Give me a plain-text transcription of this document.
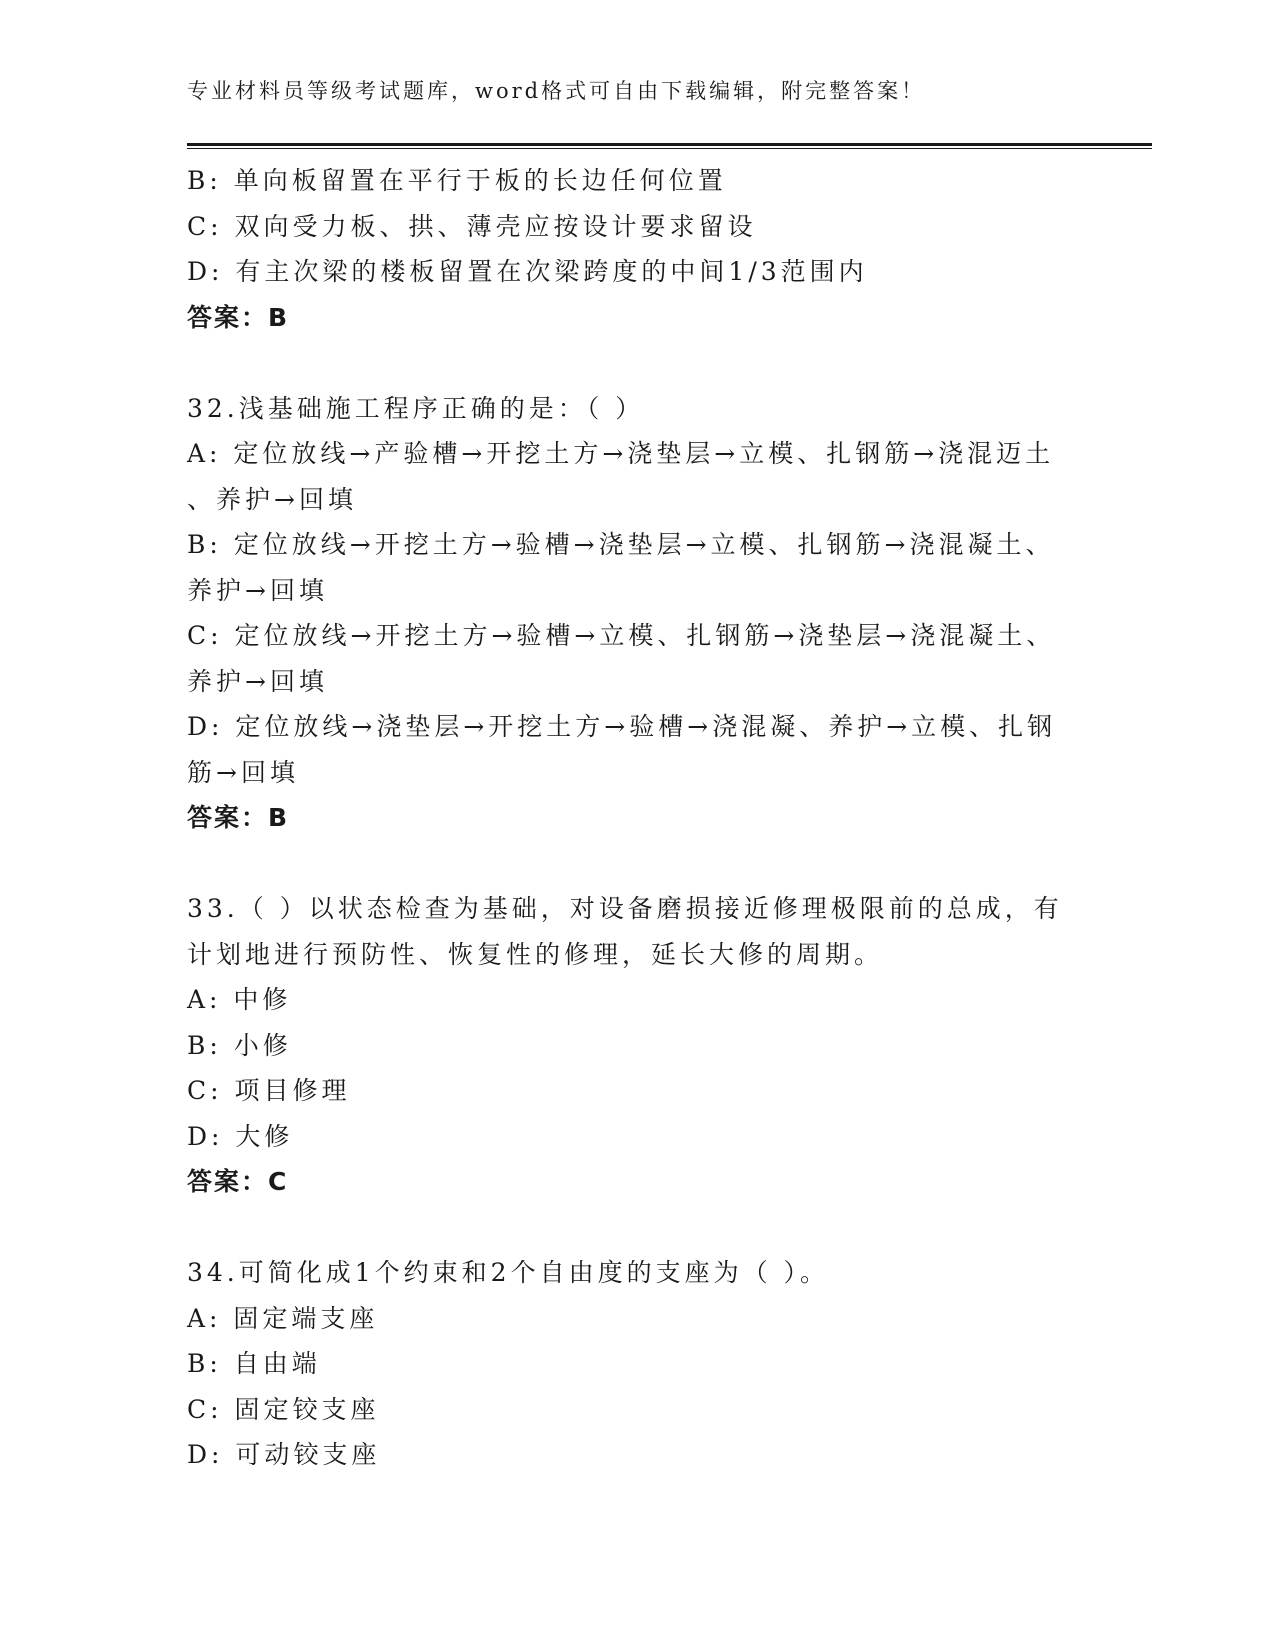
专业材料员等级考试题库，word格式可自由下载编辑，附完整答案！
B: 单向板留置在平行于板的长边任何位置
C: 双向受力板、拱、薄壳应按设计要求留设
D: 有主次梁的楼板留置在次梁跨度的中间1/3范围内
答案：B
32.浅基础施工程序正确的是：（ ）
A: 定位放线→产验槽→开挖土方→浇垫层→立模、扎钢筋→浇混迈土
、养护→回填
B: 定位放线→开挖土方→验槽→浇垫层→立模、扎钢筋→浇混凝土、
养护→回填
C: 定位放线→开挖土方→验槽→立模、扎钢筋→浇垫层→浇混凝土、
养护→回填
D: 定位放线→浇垫层→开挖土方→验槽→浇混凝、养护→立模、扎钢
筋→回填
答案：B
33.（ ）以状态检查为基础，对设备磨损接近修理极限前的总成，有
计划地进行预防性、恢复性的修理，延长大修的周期。
A: 中修
B: 小修
C: 项目修理
D: 大修
答案：C
34.可简化成1个约束和2个自由度的支座为（ ）。
A: 固定端支座
B: 自由端
C: 固定铰支座
D: 可动铰支座
